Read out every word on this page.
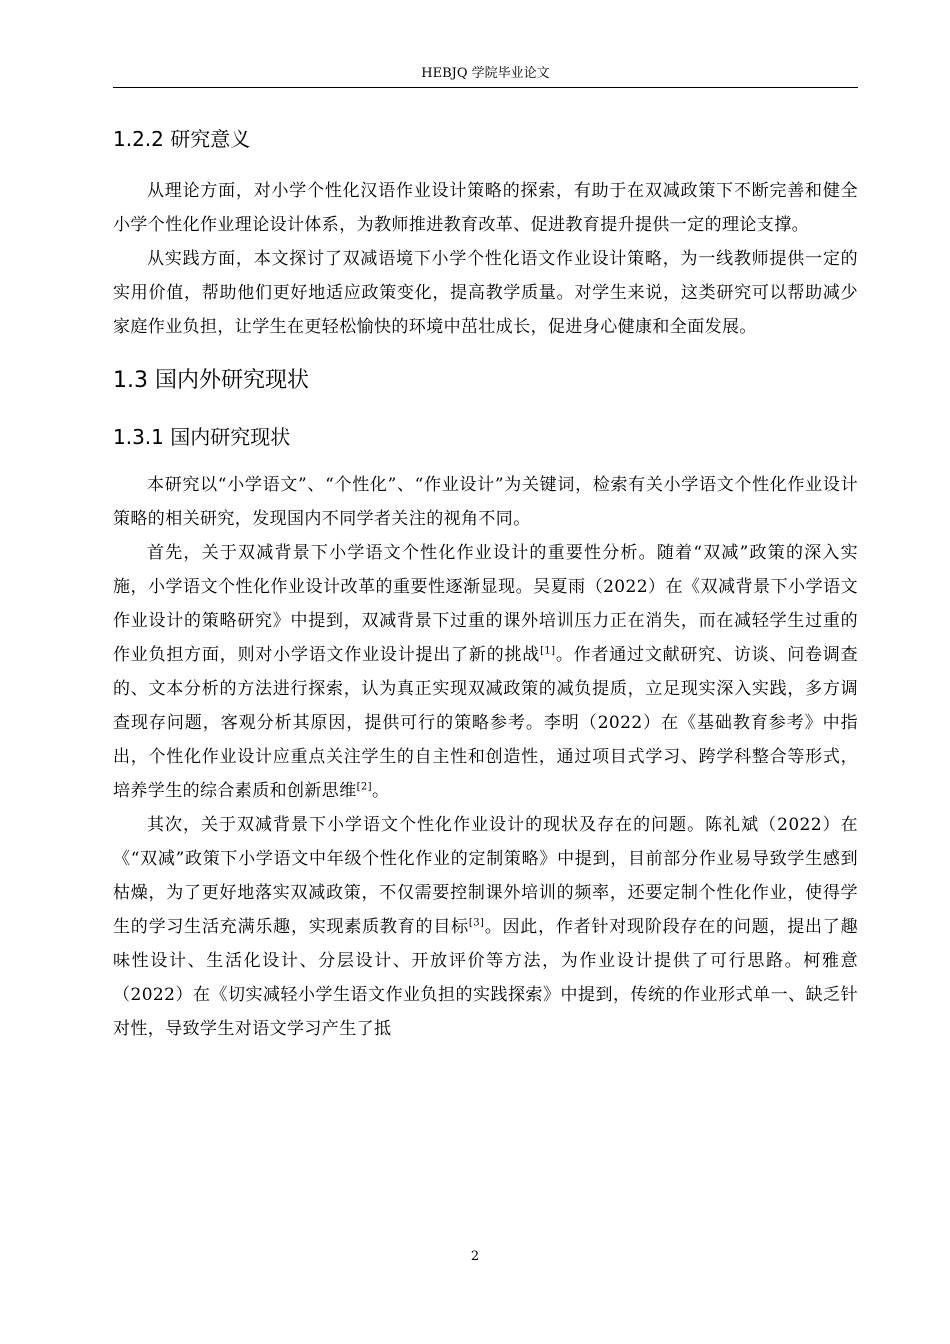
HEBJQ 学院毕业论文
1.2.2 研究意义

从理论方面，对小学个性化汉语作业设计策略的探索，有助于在双减政策下不断完善和健全小学个性化作业理论设计体系，为教师推进教育改革、促进教育提升提供一定的理论支撑。

从实践方面，本文探讨了双减语境下小学个性化语文作业设计策略，为一线教师提供一定的实用价值，帮助他们更好地适应政策变化，提高教学质量。对学生来说，这类研究可以帮助减少家庭作业负担，让学生在更轻松愉快的环境中茁壮成长，促进身心健康和全面发展。

1.3 国内外研究现状
1.3.1 国内研究现状

本研究以“小学语文”、“个性化”、“作业设计”为关键词，检索有关小学语文个性化作业设计策略的相关研究，发现国内不同学者关注的视角不同。

首先，关于双减背景下小学语文个性化作业设计的重要性分析。随着“双减”政策的深入实施，小学语文个性化作业设计改革的重要性逐渐显现。吴夏雨（2022）在《双减背景下小学语文作业设计的策略研究》中提到，双减背景下过重的课外培训压力正在消失，而在减轻学生过重的作业负担方面，则对小学语文作业设计提出了新的挑战[1]。作者通过文献研究、访谈、问卷调查的、文本分析的方法进行探索，认为真正实现双减政策的减负提质，立足现实深入实践，多方调查现存问题，客观分析其原因，提供可行的策略参考。李明（2022）在《基础教育参考》中指出，个性化作业设计应重点关注学生的自主性和创造性，通过项目式学习、跨学科整合等形式，培养学生的综合素质和创新思维[2]。

其次，关于双减背景下小学语文个性化作业设计的现状及存在的问题。陈礼斌（2022）在《“双减”政策下小学语文中年级个性化作业的定制策略》中提到，目前部分作业易导致学生感到枯燥，为了更好地落实双减政策，不仅需要控制课外培训的频率，还要定制个性化作业，使得学生的学习生活充满乐趣，实现素质教育的目标[3]。因此，作者针对现阶段存在的问题，提出了趣味性设计、生活化设计、分层设计、开放评价等方法，为作业设计提供了可行思路。柯雅意（2022）在《切实减轻小学生语文作业负担的实践探索》中提到，传统的作业形式单一、缺乏针对性，导致学生对语文学习产生了抵

2
